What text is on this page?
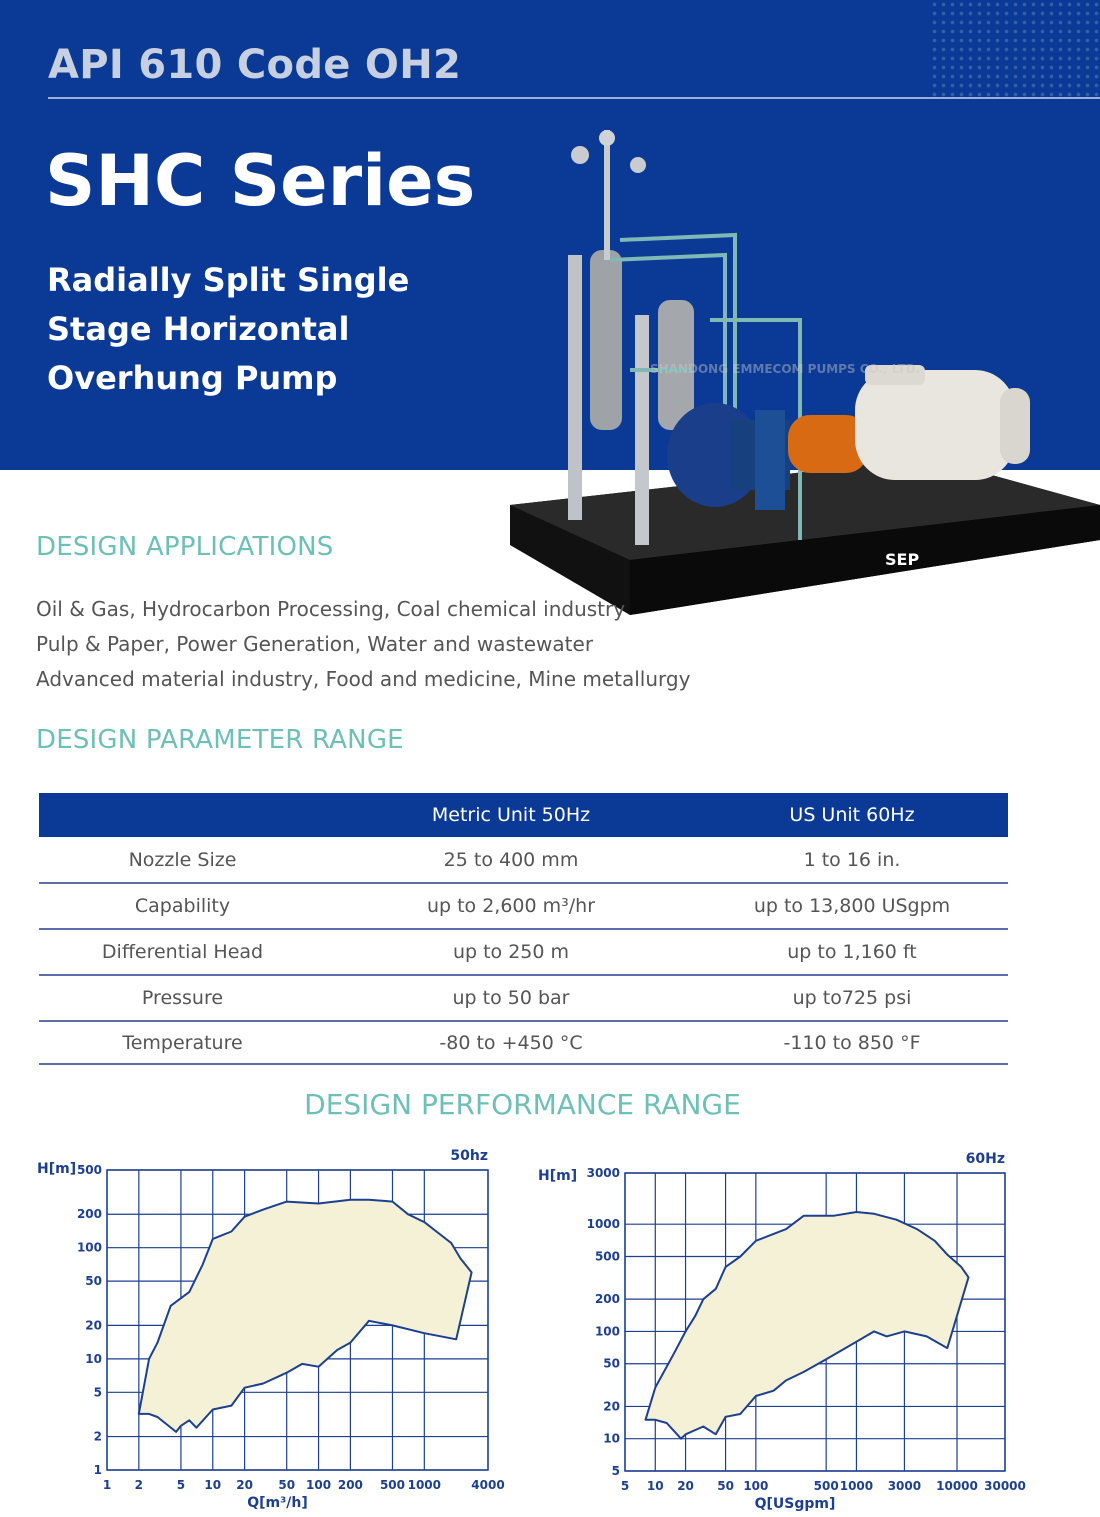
API 610 Code OH2
SHC Series
Radially Split Single
Stage Horizontal
Overhung Pump
SEP
SHANDONG EMMECOM PUMPS CO., LTD.
DESIGN APPLICATIONS
Oil & Gas, Hydrocarbon Processing, Coal chemical industry
Pulp & Paper, Power Generation, Water and wastewater
Advanced material industry, Food and medicine, Mine metallurgy
DESIGN PARAMETER RANGE
	Metric Unit 50Hz	US Unit 60Hz
Nozzle Size	25 to 400 mm	1 to 16 in.
Capability	up to 2,600 m³/hr	up to 13,800 USgpm
Differential Head	up to 250 m	up to 1,160 ft
Pressure	up to 50 bar	up to725 psi
Temperature	-80 to +450 °C	-110 to 850 °F
DESIGN PERFORMANCE RANGE
1 2	5 10 20 50 100 200 500 1000	4000
1
2
5
10
20
50
100
200
500
50hz
H[m]
Q[m³/h]
5 10 20 50 100	500 1000 3000 10000 30000
5
10
20
50
100
200
500
1000
3000
60Hz
H[m]
Q[USgpm]
